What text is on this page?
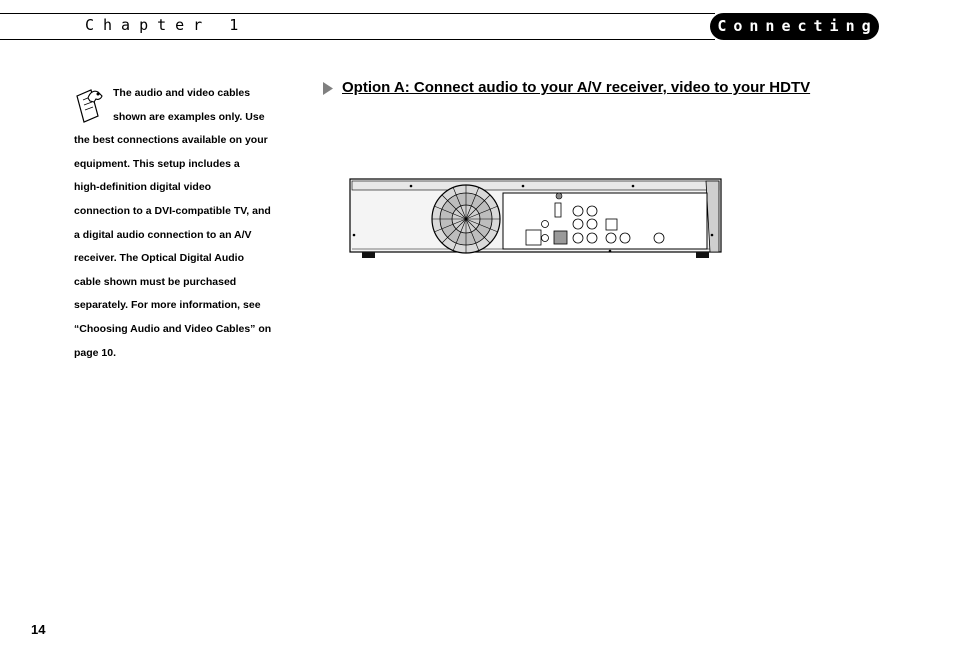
Chapter 1	Connecting
The audio and video cables
shown are examples only. Use
the best connections available on your
equipment. This setup includes a
high-definition digital video
connection to a DVI-compatible TV, and
a digital audio connection to an A/V
receiver. The Optical Digital Audio
cable shown must be purchased
separately. For more information, see
“Choosing Audio and Video Cables” on
page 10.
Option A: Connect audio to your A/V receiver, video to your HDTV
14
